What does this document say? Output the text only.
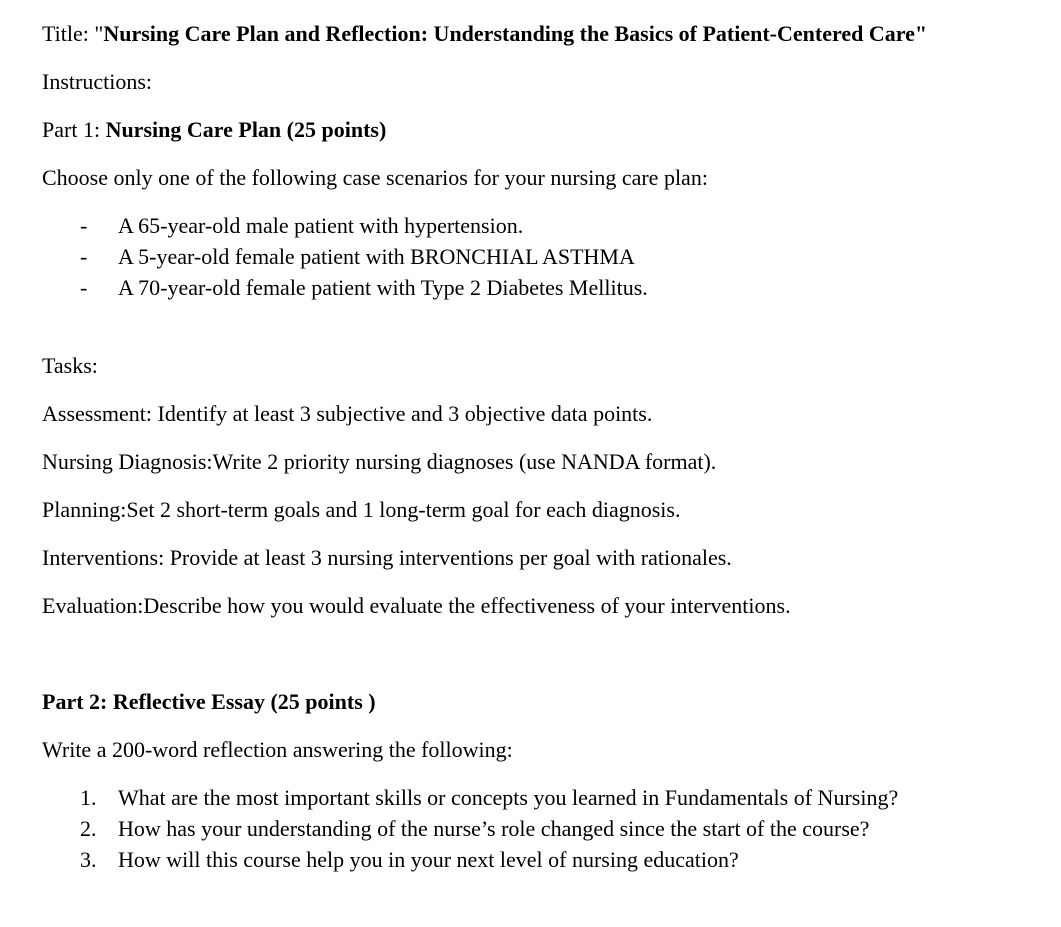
Title: "Nursing Care Plan and Reflection: Understanding the Basics of Patient-Centered Care"

Instructions:

Part 1: Nursing Care Plan (25 points)

Choose only one of the following case scenarios for your nursing care plan:

-	A 65-year-old male patient with hypertension.
-	A 5-year-old female patient with BRONCHIAL ASTHMA
-	A 70-year-old female patient with Type 2 Diabetes Mellitus.

Tasks:

Assessment: Identify at least 3 subjective and 3 objective data points.

Nursing Diagnosis:Write 2 priority nursing diagnoses (use NANDA format).

Planning:Set 2 short-term goals and 1 long-term goal for each diagnosis.

Interventions: Provide at least 3 nursing interventions per goal with rationales.

Evaluation:Describe how you would evaluate the effectiveness of your interventions.

Part 2: Reflective Essay (25 points )

Write a 200-word reflection answering the following:

1. What are the most important skills or concepts you learned in Fundamentals of Nursing?
2. How has your understanding of the nurse’s role changed since the start of the course?
3. How will this course help you in your next level of nursing education?
